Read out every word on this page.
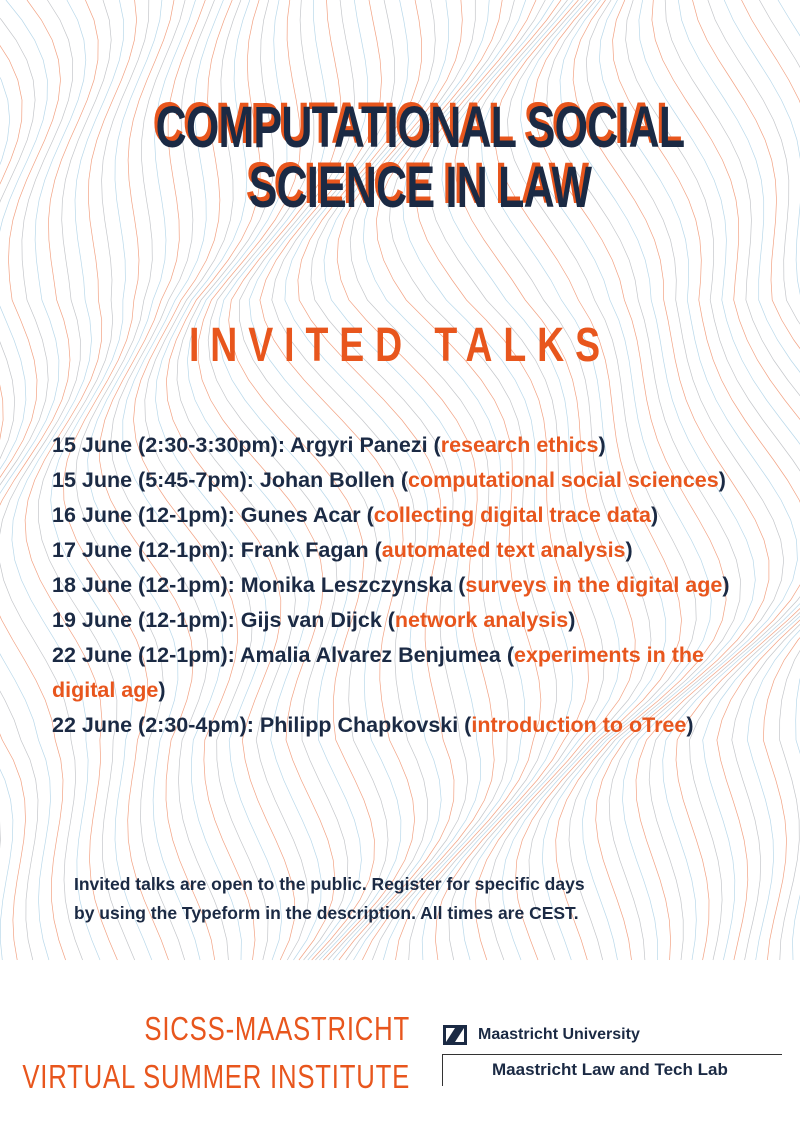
COMPUTATIONAL SOCIAL
SCIENCE IN LAW
INVITED TALKS
15 June (2:30-3:30pm): Argyri Panezi (research ethics)
15 June (5:45-7pm): Johan Bollen (computational social sciences)
16 June (12-1pm): Gunes Acar (collecting digital trace data)
17 June (12-1pm): Frank Fagan (automated text analysis)
18 June (12-1pm): Monika Leszczynska (surveys in the digital age)
19 June (12-1pm): Gijs van Dijck (network analysis)
22 June (12-1pm): Amalia Alvarez Benjumea (experiments in the digital age)
22 June (2:30-4pm): Philipp Chapkovski (introduction to oTree)
Invited talks are open to the public. Register for specific days
by using the Typeform in the description. All times are CEST.
SICSS-MAASTRICHT
VIRTUAL SUMMER INSTITUTE
Maastricht University
Maastricht Law and Tech Lab
